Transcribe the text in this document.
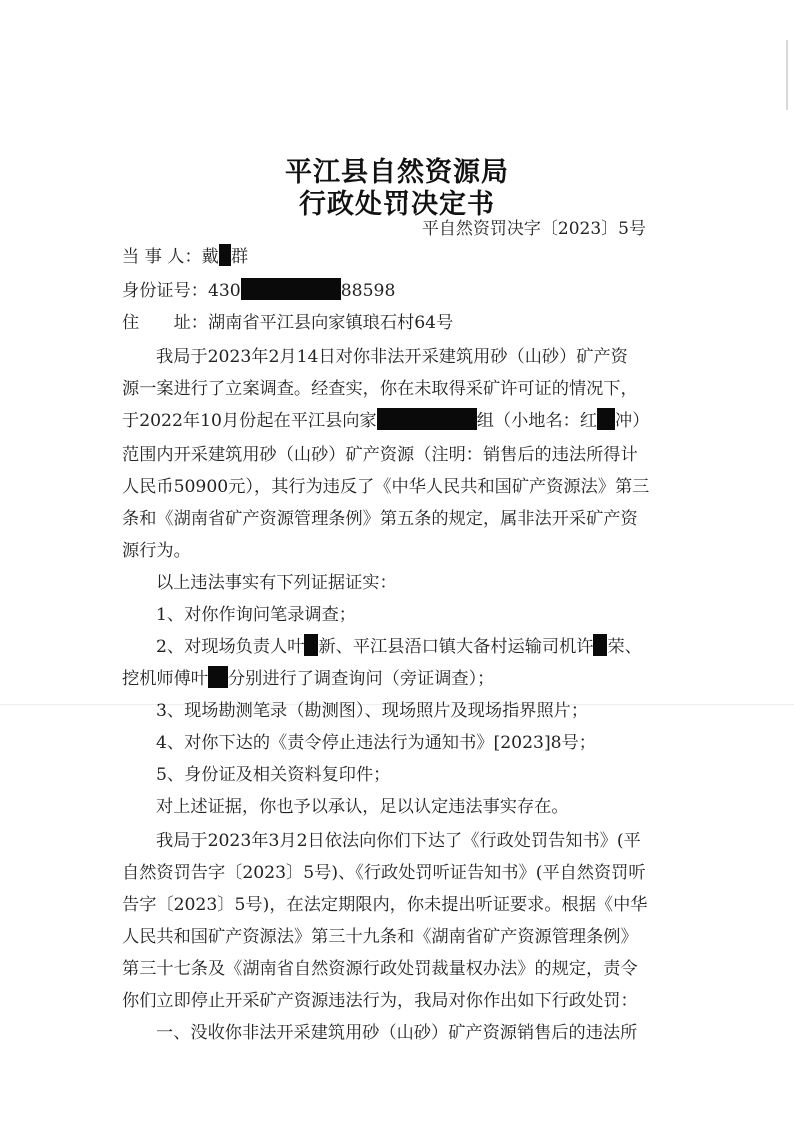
平江县自然资源局
行政处罚决定书
平自然资罚决字〔2023〕5号
当 事 人：戴 群
身份证号：430	88598
住　　址：湖南省平江县向家镇琅石村64号
我局于2023年2月14日对你非法开采建筑用砂（山砂）矿产资
源一案进行了立案调查。经查实，你在未取得采矿许可证的情况下，
于2022年10月份起在平江县向家	组（小地名：红 冲）
范围内开采建筑用砂（山砂）矿产资源（注明：销售后的违法所得计
人民币50900元），其行为违反了《中华人民共和国矿产资源法》第三
条和《湖南省矿产资源管理条例》第五条的规定，属非法开采矿产资
源行为。
以上违法事实有下列证据证实：
1、对你作询问笔录调查；
2、对现场负责人叶 新、平江县浯口镇大备村运输司机许 荣、
挖机师傅叶 分别进行了调查询问（旁证调查）；
3、现场勘测笔录（勘测图）、现场照片及现场指界照片；
4、对你下达的《责令停止违法行为通知书》[2023]8号；
5、身份证及相关资料复印件；
对上述证据，你也予以承认，足以认定违法事实存在。
我局于2023年3月2日依法向你们下达了《行政处罚告知书》(平
自然资罚告字〔2023〕5号)、《行政处罚听证告知书》(平自然资罚听
告字〔2023〕5号)，在法定期限内，你未提出听证要求。根据《中华
人民共和国矿产资源法》第三十九条和《湖南省矿产资源管理条例》
第三十七条及《湖南省自然资源行政处罚裁量权办法》的规定，责令
你们立即停止开采矿产资源违法行为，我局对你作出如下行政处罚：
一、没收你非法开采建筑用砂（山砂）矿产资源销售后的违法所
